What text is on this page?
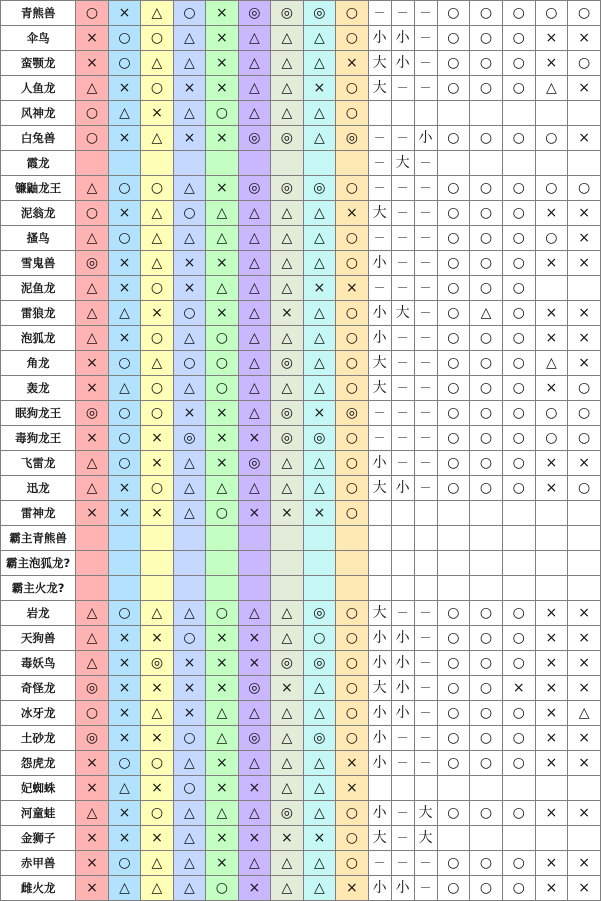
青熊兽	○	×	△	○	×	◎	◎	◎	○	－	－	－	○	○	○	○	○
伞鸟	×	○	○	△	×	△	△	△	○	小	小	－	○	○	○	×	×
蛮颚龙	×	○	△	△	×	△	△	△	×	大	小	－	○	○	○	×	○
人鱼龙	△	×	○	×	×	△	△	×	○	大	－	－	○	○	○	△	×
风神龙	○	△	×	△	○	△	△	△	○								
白兔兽	○	×	△	×	×	◎	◎	△	◎	－	－	小	○	○	○	○	×
霞龙										－	大	－					
镰鼬龙王	△	○	○	△	×	◎	◎	◎	○	－	－	－	○	○	○	○	○
泥翁龙	○	×	△	○	△	△	△	△	×	大	－	－	○	○	○	×	×
搔鸟	△	○	△	△	△	△	△	△	○	－	－	－	○	○	○	○	×
雪鬼兽	◎	×	△	×	×	△	△	△	○	小	－	－	○	○	○	×	×
泥鱼龙	△	×	○	×	△	△	△	×	×	－	－	－	○	○	○		
雷狼龙	△	△	×	○	×	△	×	△	○	小	大	－	○	△	○	×	×
泡狐龙	△	×	○	△	○	△	△	△	○	小	－	－	○	○	○	×	×
角龙	×	○	△	○	○	△	◎	△	○	大	－	－	○	○	○	△	×
轰龙	×	△	○	△	○	△	△	△	○	大	－	－	○	○	○	×	○
眠狗龙王	◎	○	○	×	×	△	◎	×	◎	－	－	－	○	○	○	○	○
毒狗龙王	×	○	×	◎	×	×	◎	◎	○	－	－	－	○	○	○	○	○
飞雷龙	△	○	×	△	×	◎	△	△	○	小	－	－	○	○	○	×	×
迅龙	△	×	○	△	△	△	△	△	○	大	小	－	○	○	○	×	○
雷神龙	×	×	×	△	○	×	×	×	○								
霸主青熊兽																	
霸主泡狐龙?																	
霸主火龙?																	
岩龙	△	○	△	△	○	△	△	◎	○	大	－	－	○	○	○	×	×
天狗兽	△	×	×	○	×	×	△	○	○	小	小	－	○	○	○	×	×
毒妖鸟	△	×	◎	×	×	×	◎	◎	○	小	小	－	○	○	○	×	×
奇怪龙	◎	×	×	×	×	◎	×	△	○	大	小	－	○	○	×	×	×
冰牙龙	○	×	△	×	△	△	△	△	○	小	小	－	○	○	○	×	△
土砂龙	◎	×	×	○	△	◎	△	◎	○	小	－	－	○	○	○	×	×
怨虎龙	×	○	○	△	×	△	△	△	×	小	－	－	○	○	○	×	×
妃蜘蛛	×	△	×	○	×	×	△	△	×								
河童蛙	△	×	○	△	△	△	◎	△	○	小	－	大	○	○	○	×	×
金狮子	×	×	×	△	×	×	×	×	○	大	－	大					
赤甲兽	×	○	△	△	×	△	△	△	○	－	－	－	○	○	○	×	×
雌火龙	×	△	△	△	○	×	△	△	×	小	小	－	○	○	○	×	×
